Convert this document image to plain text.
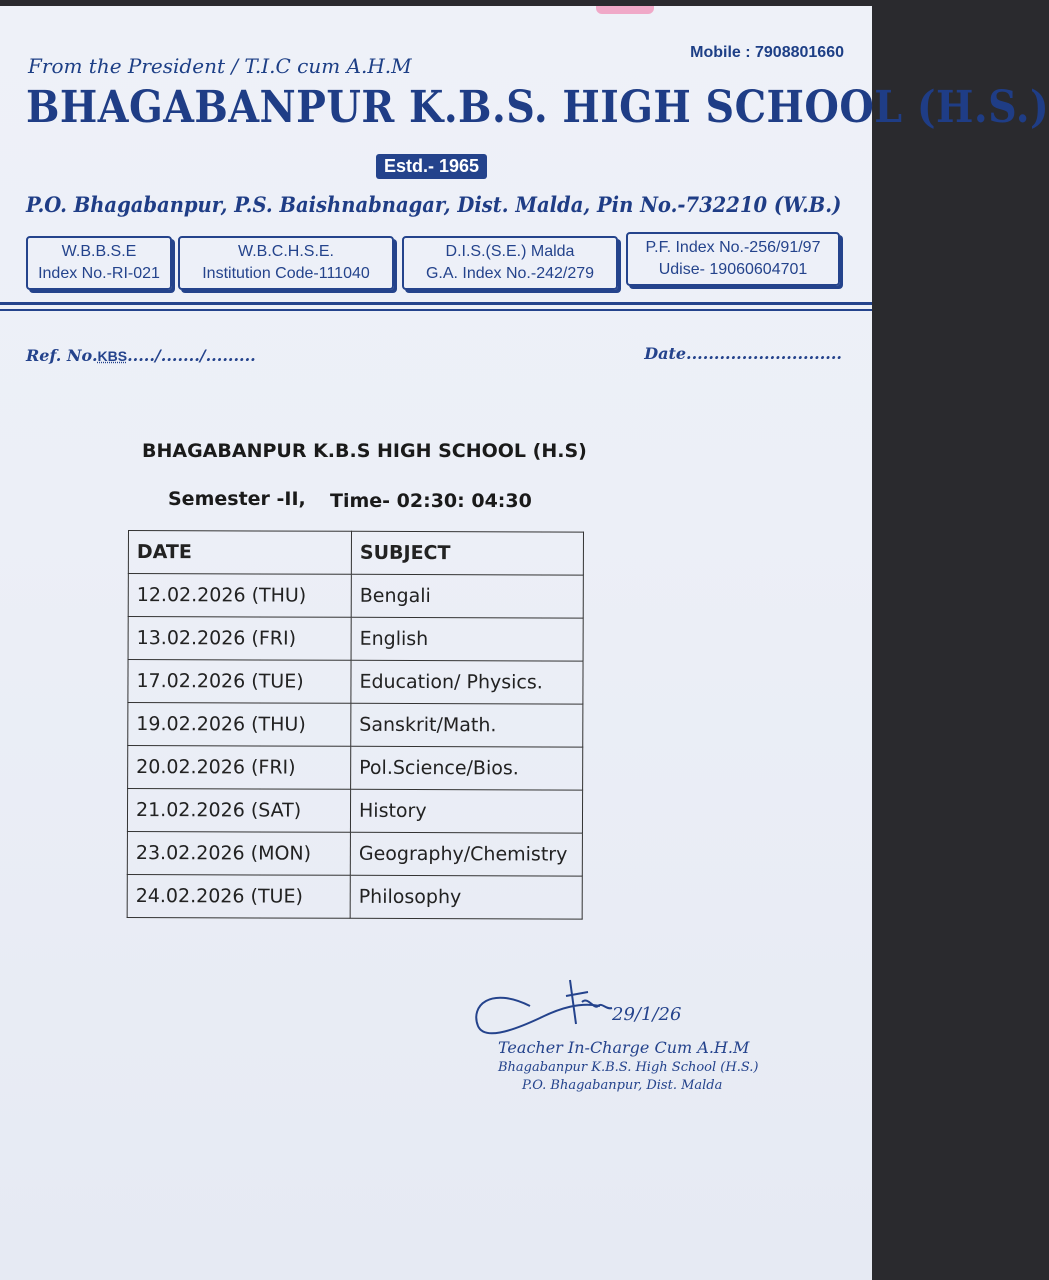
From the President / T.I.C cum A.H.M
Mobile : 7908801660
BHAGABANPUR K.B.S. HIGH SCHOOL (H.S.)
Estd.- 1965
P.O. Bhagabanpur, P.S. Baishnabnagar, Dist. Malda, Pin No.-732210 (W.B.)
W.B.B.S.E
Index No.-RI-021
W.B.C.H.S.E.
Institution Code-111040
D.I.S.(S.E.) Malda
G.A. Index No.-242/279
P.F. Index No.-256/91/97
Udise- 19060604701
Ref. No.KBS...../......./.........	Date............................
BHAGABANPUR K.B.S HIGH SCHOOL (H.S)
Semester -II, Time- 02:30: 04:30
DATE	SUBJECT
12.02.2026 (THU)	Bengali
13.02.2026 (FRI)	English
17.02.2026 (TUE)	Education/ Physics.
19.02.2026 (THU)	Sanskrit/Math.
20.02.2026 (FRI)	Pol.Science/Bios.
21.02.2026 (SAT)	History
23.02.2026 (MON)	Geography/Chemistry
24.02.2026 (TUE)	Philosophy
29/1/26
Teacher In-Charge Cum A.H.M
Bhagabanpur K.B.S. High School (H.S.)
P.O. Bhagabanpur, Dist. Malda
